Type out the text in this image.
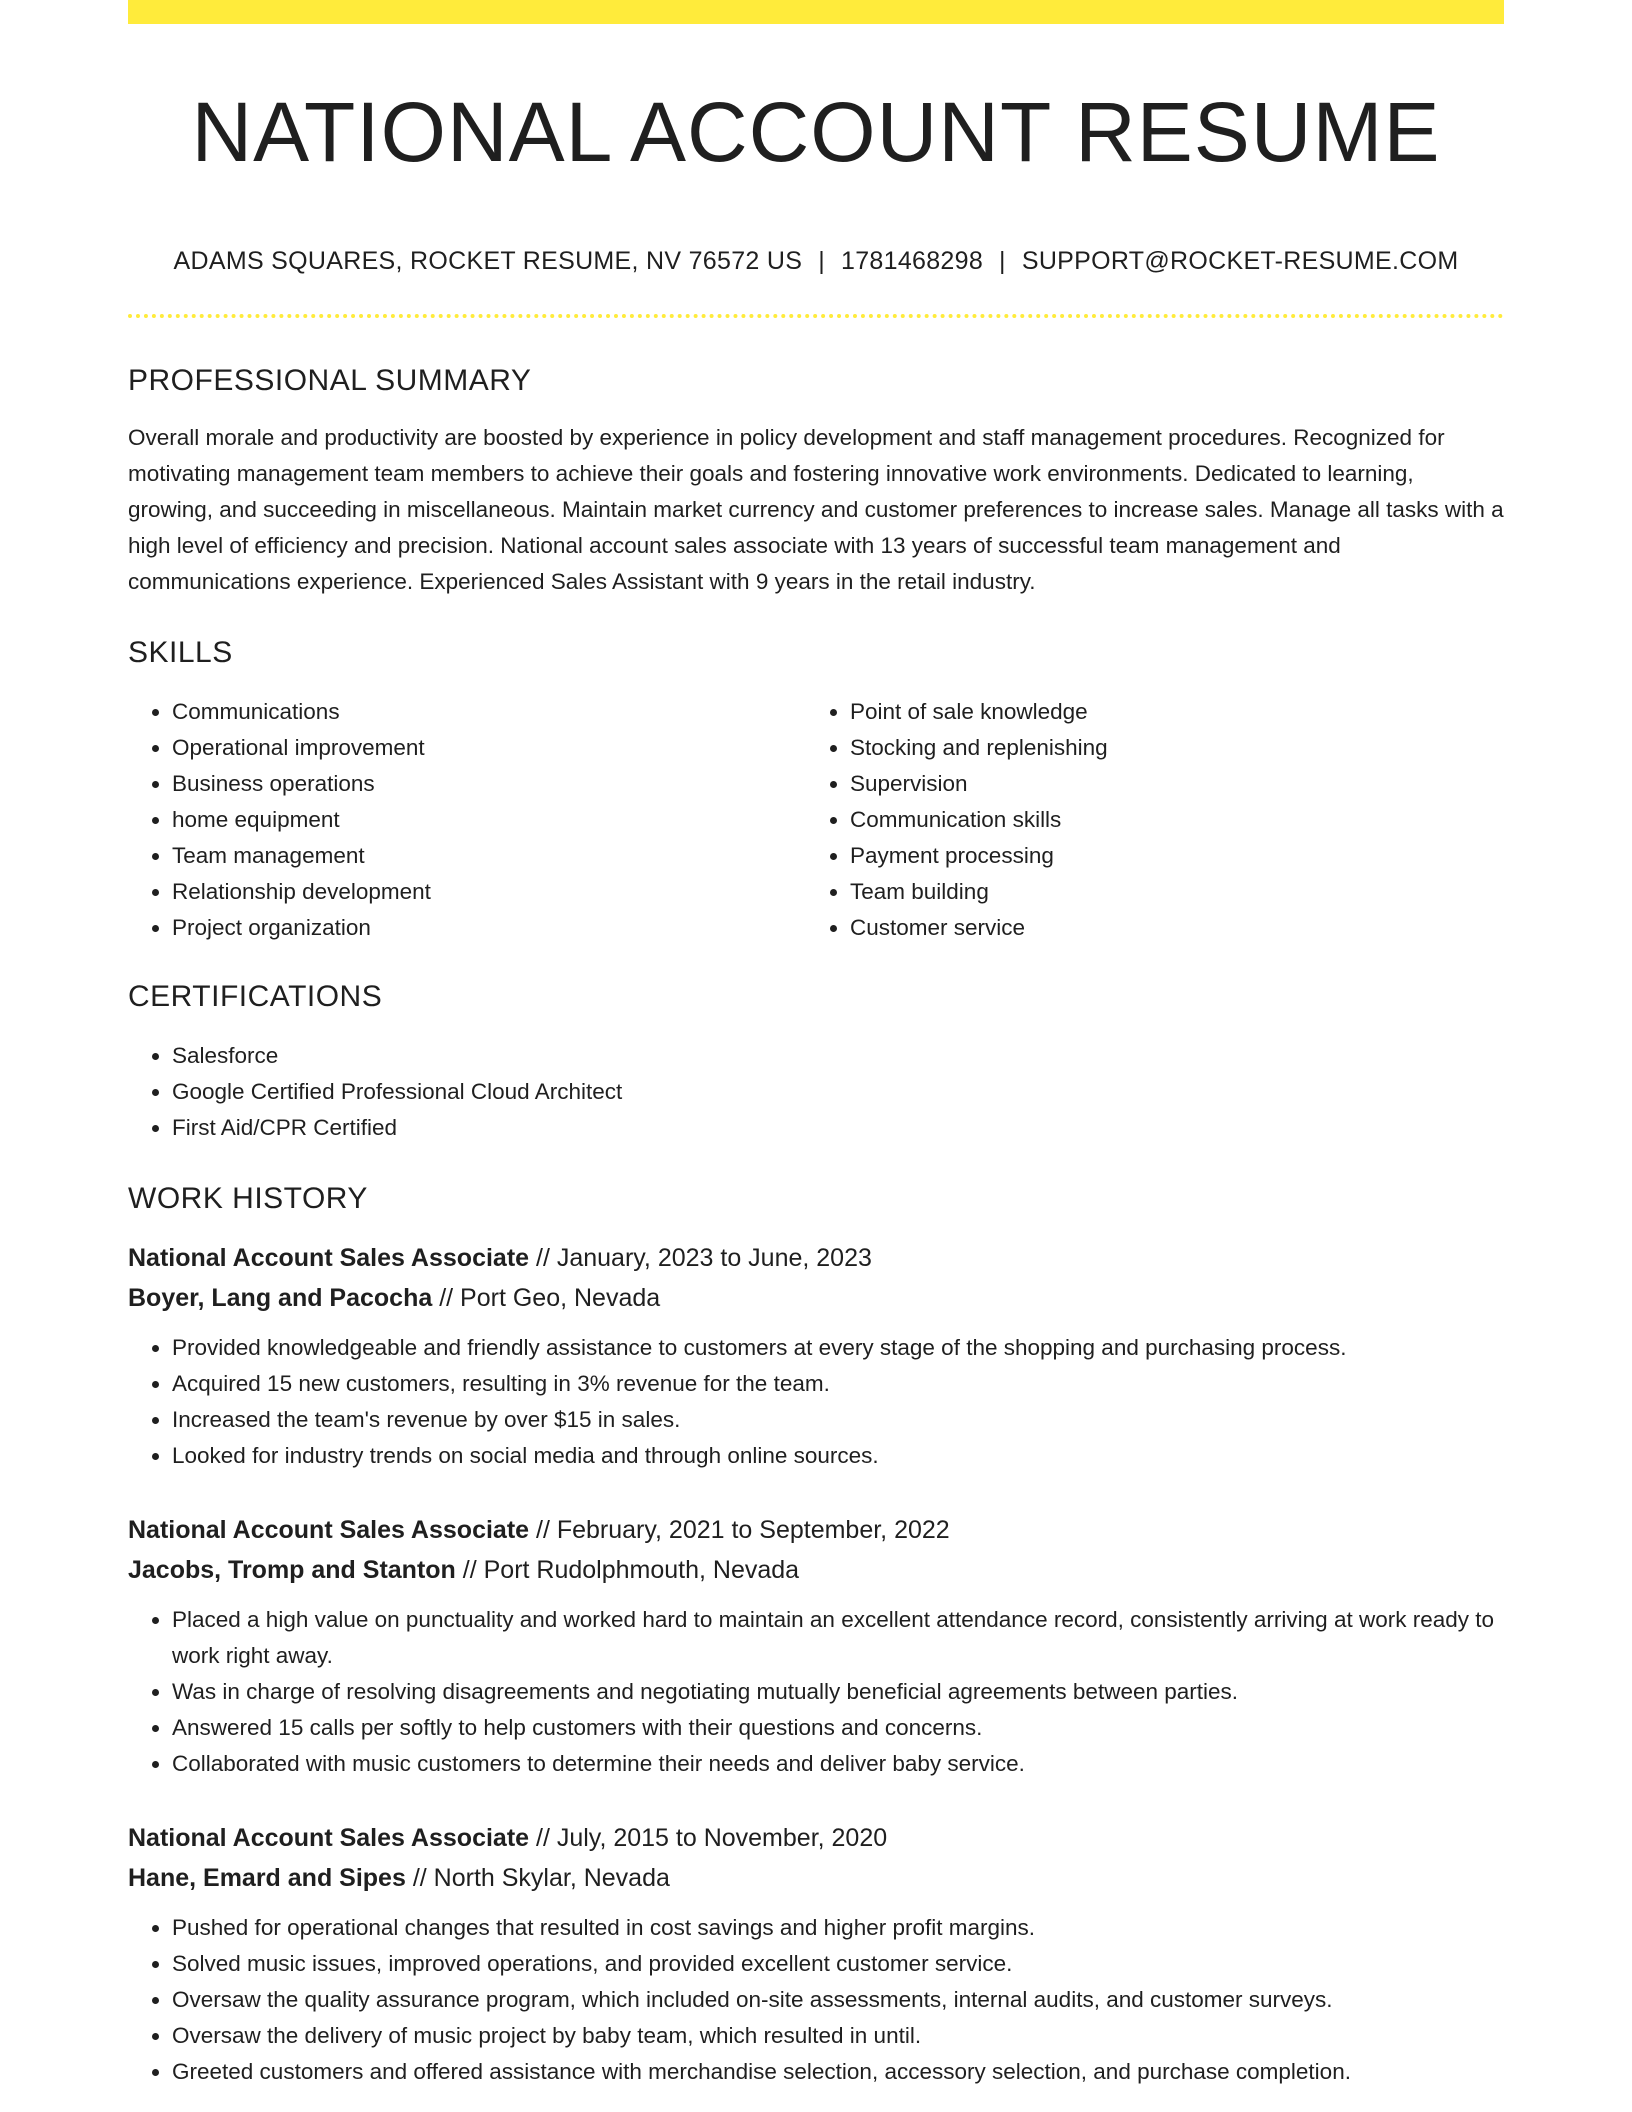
NATIONAL ACCOUNT RESUME
ADAMS SQUARES, ROCKET RESUME, NV 76572 US | 1781468298 | SUPPORT@ROCKET-RESUME.COM
PROFESSIONAL SUMMARY
Overall morale and productivity are boosted by experience in policy development and staff management procedures. Recognized for motivating management team members to achieve their goals and fostering innovative work environments. Dedicated to learning, growing, and succeeding in miscellaneous. Maintain market currency and customer preferences to increase sales. Manage all tasks with a high level of efficiency and precision. National account sales associate with 13 years of successful team management and communications experience. Experienced Sales Assistant with 9 years in the retail industry.
SKILLS
• Communications
• Operational improvement
• Business operations
• home equipment
• Team management
• Relationship development
• Project organization
• Point of sale knowledge
• Stocking and replenishing
• Supervision
• Communication skills
• Payment processing
• Team building
• Customer service
CERTIFICATIONS
• Salesforce
• Google Certified Professional Cloud Architect
• First Aid/CPR Certified
WORK HISTORY
National Account Sales Associate // January, 2023 to June, 2023
Boyer, Lang and Pacocha // Port Geo, Nevada
• Provided knowledgeable and friendly assistance to customers at every stage of the shopping and purchasing process.
• Acquired 15 new customers, resulting in 3% revenue for the team.
• Increased the team's revenue by over $15 in sales.
• Looked for industry trends on social media and through online sources.
National Account Sales Associate // February, 2021 to September, 2022
Jacobs, Tromp and Stanton // Port Rudolphmouth, Nevada
• Placed a high value on punctuality and worked hard to maintain an excellent attendance record, consistently arriving at work ready to work right away.
• Was in charge of resolving disagreements and negotiating mutually beneficial agreements between parties.
• Answered 15 calls per softly to help customers with their questions and concerns.
• Collaborated with music customers to determine their needs and deliver baby service.
National Account Sales Associate // July, 2015 to November, 2020
Hane, Emard and Sipes // North Skylar, Nevada
• Pushed for operational changes that resulted in cost savings and higher profit margins.
• Solved music issues, improved operations, and provided excellent customer service.
• Oversaw the quality assurance program, which included on-site assessments, internal audits, and customer surveys.
• Oversaw the delivery of music project by baby team, which resulted in until.
• Greeted customers and offered assistance with merchandise selection, accessory selection, and purchase completion.
